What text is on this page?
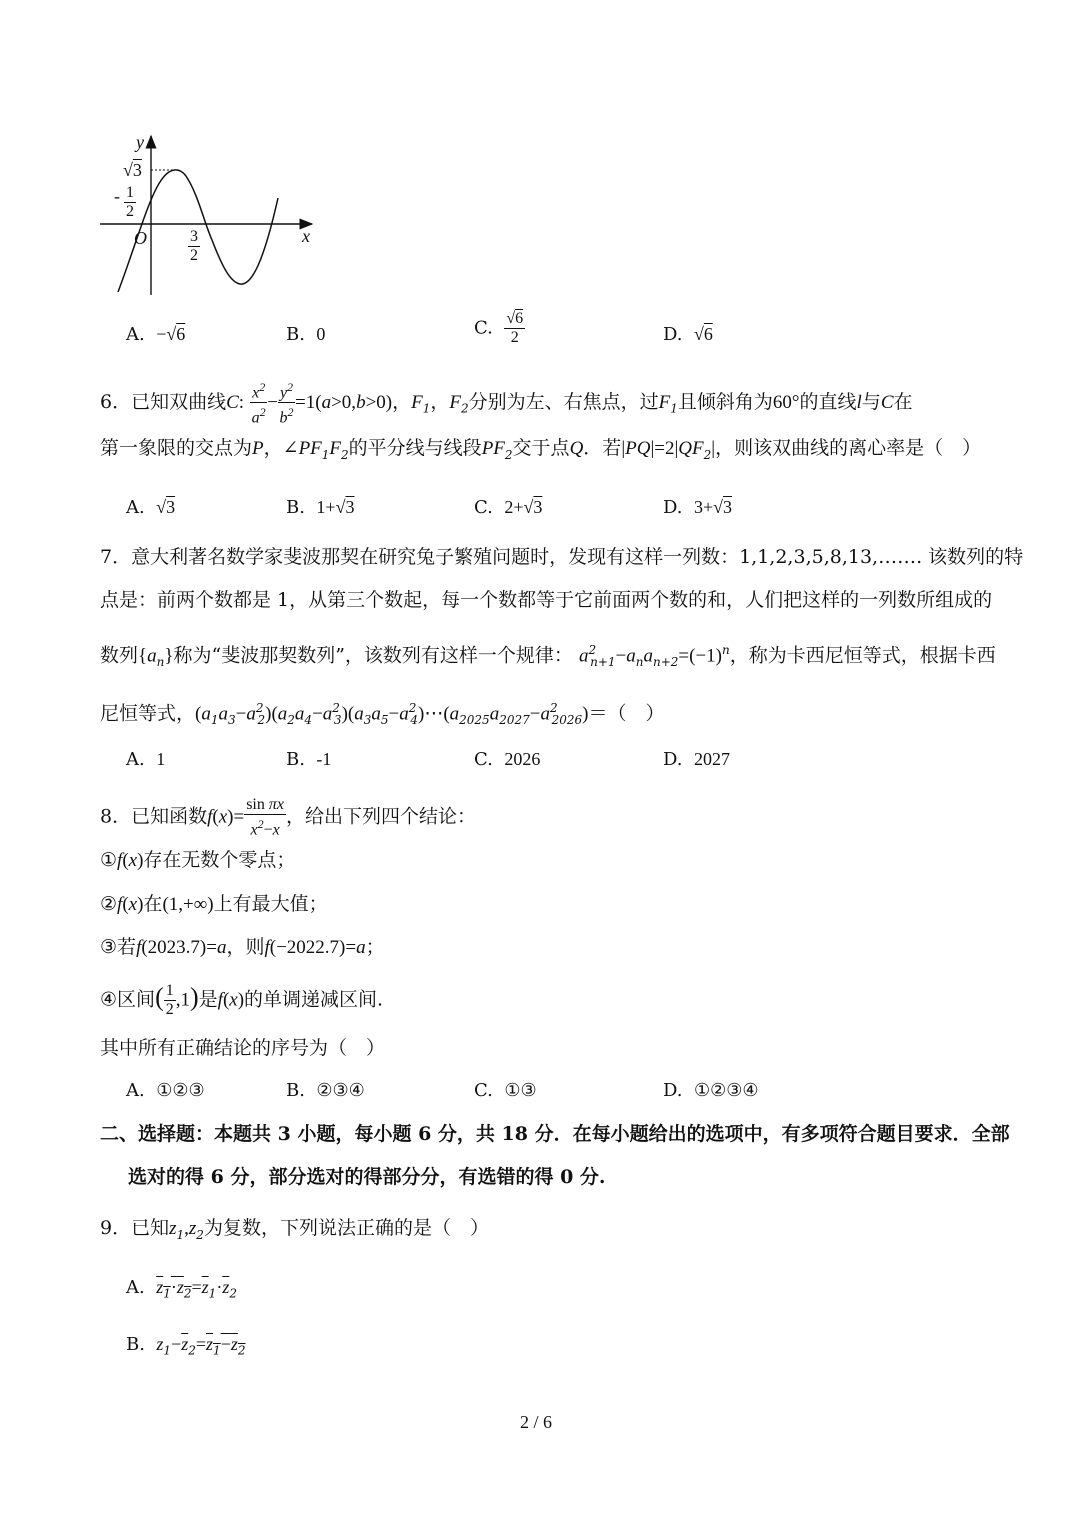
y
√3
- $\frac{1}{2}$
O	$\frac{3}{2}$	x
A. −√6	B. 0	C. $\frac{√6}{2}$	D. √6
6．已知双曲线C: $\frac{x^2}{a^2} - \frac{y^2}{b^2} =1(a>0,b>0)$，$F_1$，$F_2$分别为左、右焦点，过$F_1$且倾斜角为60°的直线l与C在
第一象限的交点为P，$\angle PF_1F_2$的平分线与线段$PF_2$交于点Q．若$|PQ|=2|QF_2|$，则该双曲线的离心率是（　）
A. √3	B. 1+√3	C. 2+√3	D. 3+√3
7．意大利著名数学家斐波那契在研究兔子繁殖问题时，发现有这样一列数：1,1,2,3,5,8,13,……. 该数列的特
点是：前两个数都是 1，从第三个数起，每一个数都等于它前面两个数的和，人们把这样的一列数所组成的
数列$\{a_n\}$称为“斐波那契数列”，该数列有这样一个规律： $a^2_{n+1}-a_na_{n+2}=(-1)^n$，称为卡西尼恒等式，根据卡西
尼恒等式，$(a_1a_3-a^2_2)(a_2a_4-a^2_3)(a_3a_5-a^2_4)\cdots(a_{2025}a_{2027}-a^2_{2026})=$（　）
A. 1	B. -1	C. 2026	D. 2027
8．已知函数$f(x)= \frac{\text{sin πx}}{x^2-x}$ ，给出下列四个结论：
①f(x)存在无数个零点；
②f(x)在(1,+∞)上有最大值；
③若f(2023.7)=a，则f(−2022.7)=a；
④区间( $\frac{1}{2} ,1$)是f(x)的单调递减区间.
其中所有正确结论的序号为（　）
A. ①②③	B. ②③④	C. ①③	D. ①②③④
二、选择题：本题共 3 小题，每小题 6 分，共 18 分．在每小题给出的选项中，有多项符合题目要求．全部
选对的得 6 分，部分选对的得部分分，有选错的得 0 分.
9．已知$z_1,z_2$为复数，下列说法正确的是（　）
A. $z_1\cdot z_2=\overline{z}_1\cdot\overline{z}_2$
B. $z_1-\overline{z}_2=z_1-z_2$
2 / 6
